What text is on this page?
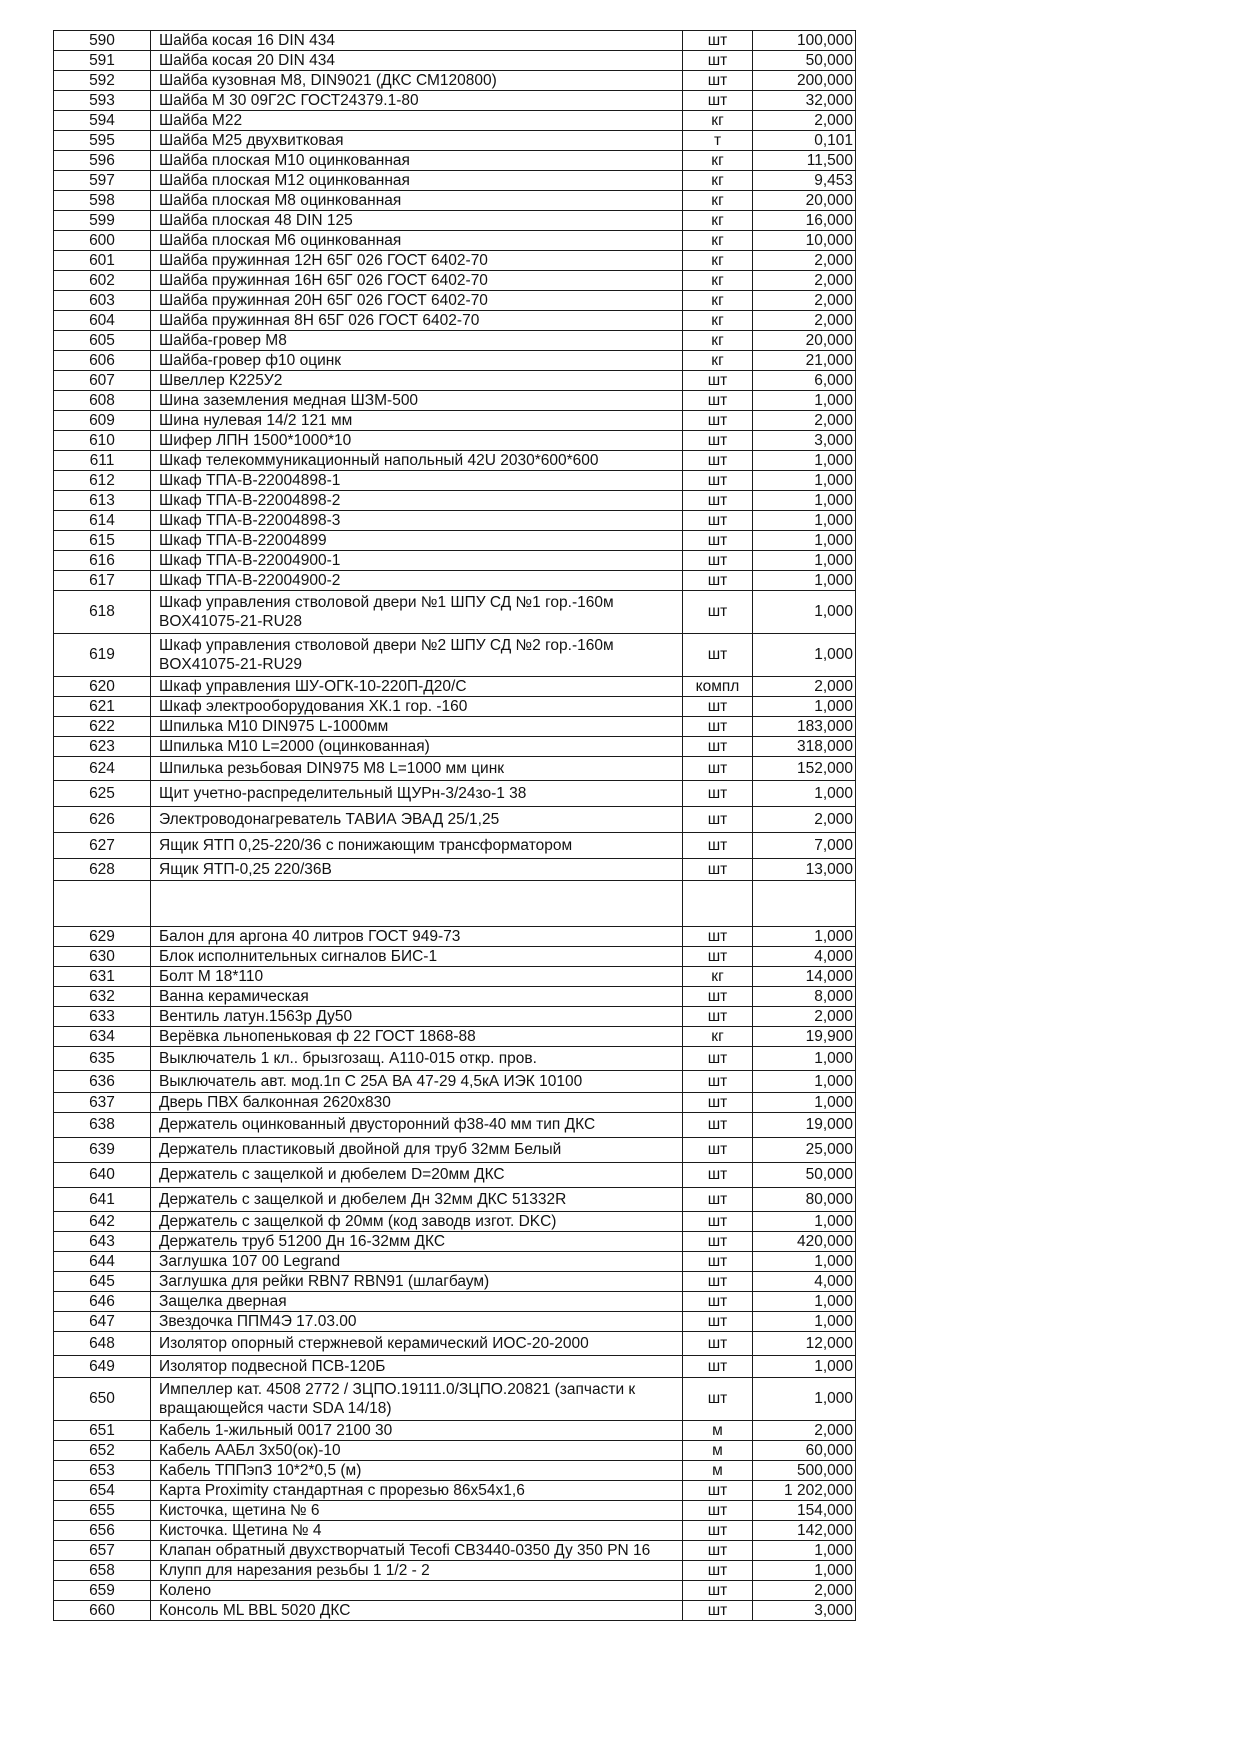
590	Шайба косая 16 DIN 434	шт	100,000
591	Шайба косая 20 DIN 434	шт	50,000
592	Шайба кузовная М8, DIN9021 (ДКС СМ120800)	шт	200,000
593	Шайба М 30 09Г2С ГОСТ24379.1-80	шт	32,000
594	Шайба М22	кг	2,000
595	Шайба М25 двухвитковая	т	0,101
596	Шайба плоская М10 оцинкованная	кг	11,500
597	Шайба плоская М12 оцинкованная	кг	9,453
598	Шайба плоская М8 оцинкованная	кг	20,000
599	Шайба плоская 48 DIN 125	кг	16,000
600	Шайба плоская М6 оцинкованная	кг	10,000
601	Шайба пружинная 12Н 65Г 026 ГОСТ 6402-70	кг	2,000
602	Шайба пружинная 16Н 65Г 026 ГОСТ 6402-70	кг	2,000
603	Шайба пружинная 20Н 65Г 026 ГОСТ 6402-70	кг	2,000
604	Шайба пружинная 8Н 65Г 026 ГОСТ 6402-70	кг	2,000
605	Шайба-гровер М8	кг	20,000
606	Шайба-гровер ф10 оцинк	кг	21,000
607	Швеллер К225У2	шт	6,000
608	Шина заземления медная ШЗМ-500	шт	1,000
609	Шина нулевая 14/2 121 мм	шт	2,000
610	Шифер ЛПН 1500*1000*10	шт	3,000
611	Шкаф телекоммуникационный напольный 42U 2030*600*600	шт	1,000
612	Шкаф ТПА-В-22004898-1	шт	1,000
613	Шкаф ТПА-В-22004898-2	шт	1,000
614	Шкаф ТПА-В-22004898-3	шт	1,000
615	Шкаф ТПА-В-22004899	шт	1,000
616	Шкаф ТПА-В-22004900-1	шт	1,000
617	Шкаф ТПА-В-22004900-2	шт	1,000
618	Шкаф управления стволовой двери №1 ШПУ СД №1 гор.-160м BOX41075-21-RU28	шт	1,000
619	Шкаф управления стволовой двери №2 ШПУ СД №2 гор.-160м BOX41075-21-RU29	шт	1,000
620	Шкаф управления ШУ-ОГК-10-220П-Д20/С	компл	2,000
621	Шкаф электрооборудования ХК.1 гор. -160	шт	1,000
622	Шпилька М10 DIN975 L-1000мм	шт	183,000
623	Шпилька М10 L=2000 (оцинкованная)	шт	318,000
624	Шпилька резьбовая DIN975 М8 L=1000 мм цинк	шт	152,000
625	Щит учетно-распределительный ЩУРн-3/24зо-1 38	шт	1,000
626	Электроводонагреватель ТАВИА ЭВАД 25/1,25	шт	2,000
627	Ящик ЯТП 0,25-220/36 с понижающим трансформатором	шт	7,000
628	Ящик ЯТП-0,25 220/36В	шт	13,000

629	Балон для аргона 40 литров ГОСТ 949-73	шт	1,000
630	Блок исполнительных сигналов БИС-1	шт	4,000
631	Болт М 18*110	кг	14,000
632	Ванна керамическая	шт	8,000
633	Вентиль латун.1563р Ду50	шт	2,000
634	Верёвка льнопенькoвая ф 22 ГОСТ 1868-88	кг	19,900
635	Выключатель 1 кл.. брызгозащ. А110-015 откр. пров.	шт	1,000
636	Выключатель авт. мод.1п С 25А ВА 47-29 4,5кА ИЭК 10100	шт	1,000
637	Дверь ПВХ балконная 2620х830	шт	1,000
638	Держатель оцинкованный двусторонний ф38-40 мм тип ДКС	шт	19,000
639	Держатель пластиковый двойной для труб 32мм Белый	шт	25,000
640	Держатель с защелкой и дюбелем D=20мм ДКС	шт	50,000
641	Держатель с защелкой и дюбелем Дн 32мм ДКС 51332R	шт	80,000
642	Держатель с защелкой ф 20мм (код заводв изгот. DKC)	шт	1,000
643	Держатель труб 51200 Дн 16-32мм ДКС	шт	420,000
644	Заглушка 107 00 Legrand	шт	1,000
645	Заглушка для рейки RBN7 RBN91 (шлагбаум)	шт	4,000
646	Защелка дверная	шт	1,000
647	Звездочка ППМ4Э 17.03.00	шт	1,000
648	Изолятор опорный стержневой керамический ИОС-20-2000	шт	12,000
649	Изолятор подвесной ПСВ-120Б	шт	1,000
650	Импеллер кат. 4508 2772 / ЗЦПО.19111.0/ЗЦПО.20821 (запчасти к вращающейся части SDA 14/18)	шт	1,000
651	Кабель 1-жильный 0017 2100 30	м	2,000
652	Кабель ААБл 3х50(ок)-10	м	60,000
653	Кабель ТППэпЗ 10*2*0,5 (м)	м	500,000
654	Карта Proximity стандартная с прорезью 86х54х1,6	шт	1 202,000
655	Кисточка, щетина № 6	шт	154,000
656	Кисточка. Щетина № 4	шт	142,000
657	Клапан обратный двухстворчатый Tecofi CB3440-0350 Ду 350 PN 16	шт	1,000
658	Клупп для нарезания резьбы 1 1/2 - 2	шт	1,000
659	Колено	шт	2,000
660	Консоль ML BBL 5020 ДКС	шт	3,000
